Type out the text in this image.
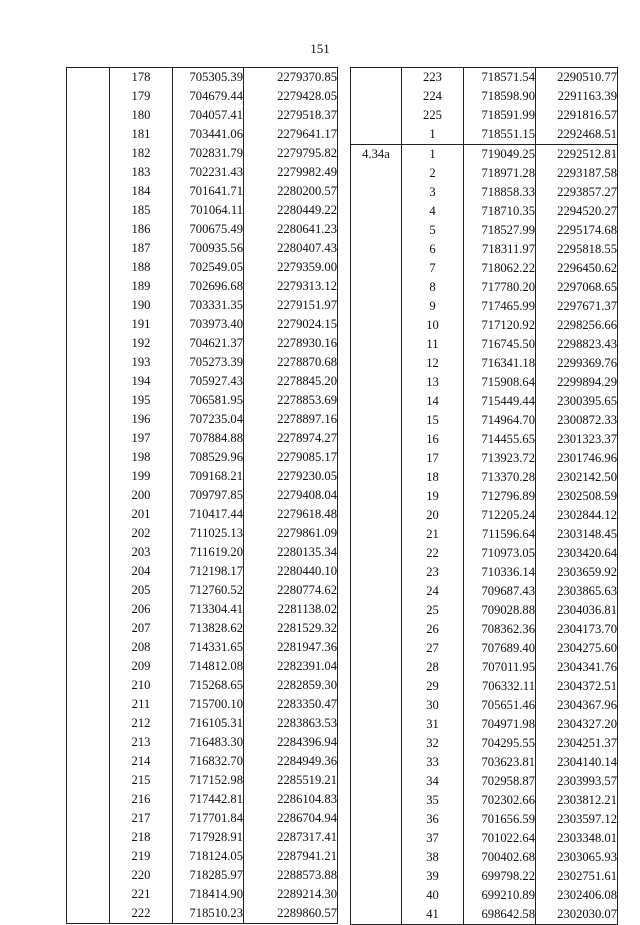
151
	178	705305.39	2279370.85
	179	704679.44	2279428.05
	180	704057.41	2279518.37
	181	703441.06	2279641.17
	182	702831.79	2279795.82
	183	702231.43	2279982.49
	184	701641.71	2280200.57
	185	701064.11	2280449.22
	186	700675.49	2280641.23
	187	700935.56	2280407.43
	188	702549.05	2279359.00
	189	702696.68	2279313.12
	190	703331.35	2279151.97
	191	703973.40	2279024.15
	192	704621.37	2278930.16
	193	705273.39	2278870.68
	194	705927.43	2278845.20
	195	706581.95	2278853.69
	196	707235.04	2278897.16
	197	707884.88	2278974.27
	198	708529.96	2279085.17
	199	709168.21	2279230.05
	200	709797.85	2279408.04
	201	710417.44	2279618.48
	202	711025.13	2279861.09
	203	711619.20	2280135.34
	204	712198.17	2280440.10
	205	712760.52	2280774.62
	206	713304.41	2281138.02
	207	713828.62	2281529.32
	208	714331.65	2281947.36
	209	714812.08	2282391.04
	210	715268.65	2282859.30
	211	715700.10	2283350.47
	212	716105.31	2283863.53
	213	716483.30	2284396.94
	214	716832.70	2284949.36
	215	717152.98	2285519.21
	216	717442.81	2286104.83
	217	717701.84	2286704.94
	218	717928.91	2287317.41
	219	718124.05	2287941.21
	220	718285.97	2288573.88
	221	718414.90	2289214.30
	222	718510.23	2289860.57
	223	718571.54	2290510.77
	224	718598.90	2291163.39
	225	718591.99	2291816.57
	1	718551.15	2292468.51
4.34a	1	719049.25	2292512.81
	2	718971.28	2293187.58
	3	718858.33	2293857.27
	4	718710.35	2294520.27
	5	718527.99	2295174.68
	6	718311.97	2295818.55
	7	718062.22	2296450.62
	8	717780.20	2297068.65
	9	717465.99	2297671.37
	10	717120.92	2298256.66
	11	716745.50	2298823.43
	12	716341.18	2299369.76
	13	715908.64	2299894.29
	14	715449.44	2300395.65
	15	714964.70	2300872.33
	16	714455.65	2301323.37
	17	713923.72	2301746.96
	18	713370.28	2302142.50
	19	712796.89	2302508.59
	20	712205.24	2302844.12
	21	711596.64	2303148.45
	22	710973.05	2303420.64
	23	710336.14	2303659.92
	24	709687.43	2303865.63
	25	709028.88	2304036.81
	26	708362.36	2304173.70
	27	707689.40	2304275.60
	28	707011.95	2304341.76
	29	706332.11	2304372.51
	30	705651.46	2304367.96
	31	704971.98	2304327.20
	32	704295.55	2304251.37
	33	703623.81	2304140.14
	34	702958.87	2303993.57
	35	702302.66	2303812.21
	36	701656.59	2303597.12
	37	701022.64	2303348.01
	38	700402.68	2303065.93
	39	699798.22	2302751.61
	40	699210.89	2302406.08
	41	698642.58	2302030.07
